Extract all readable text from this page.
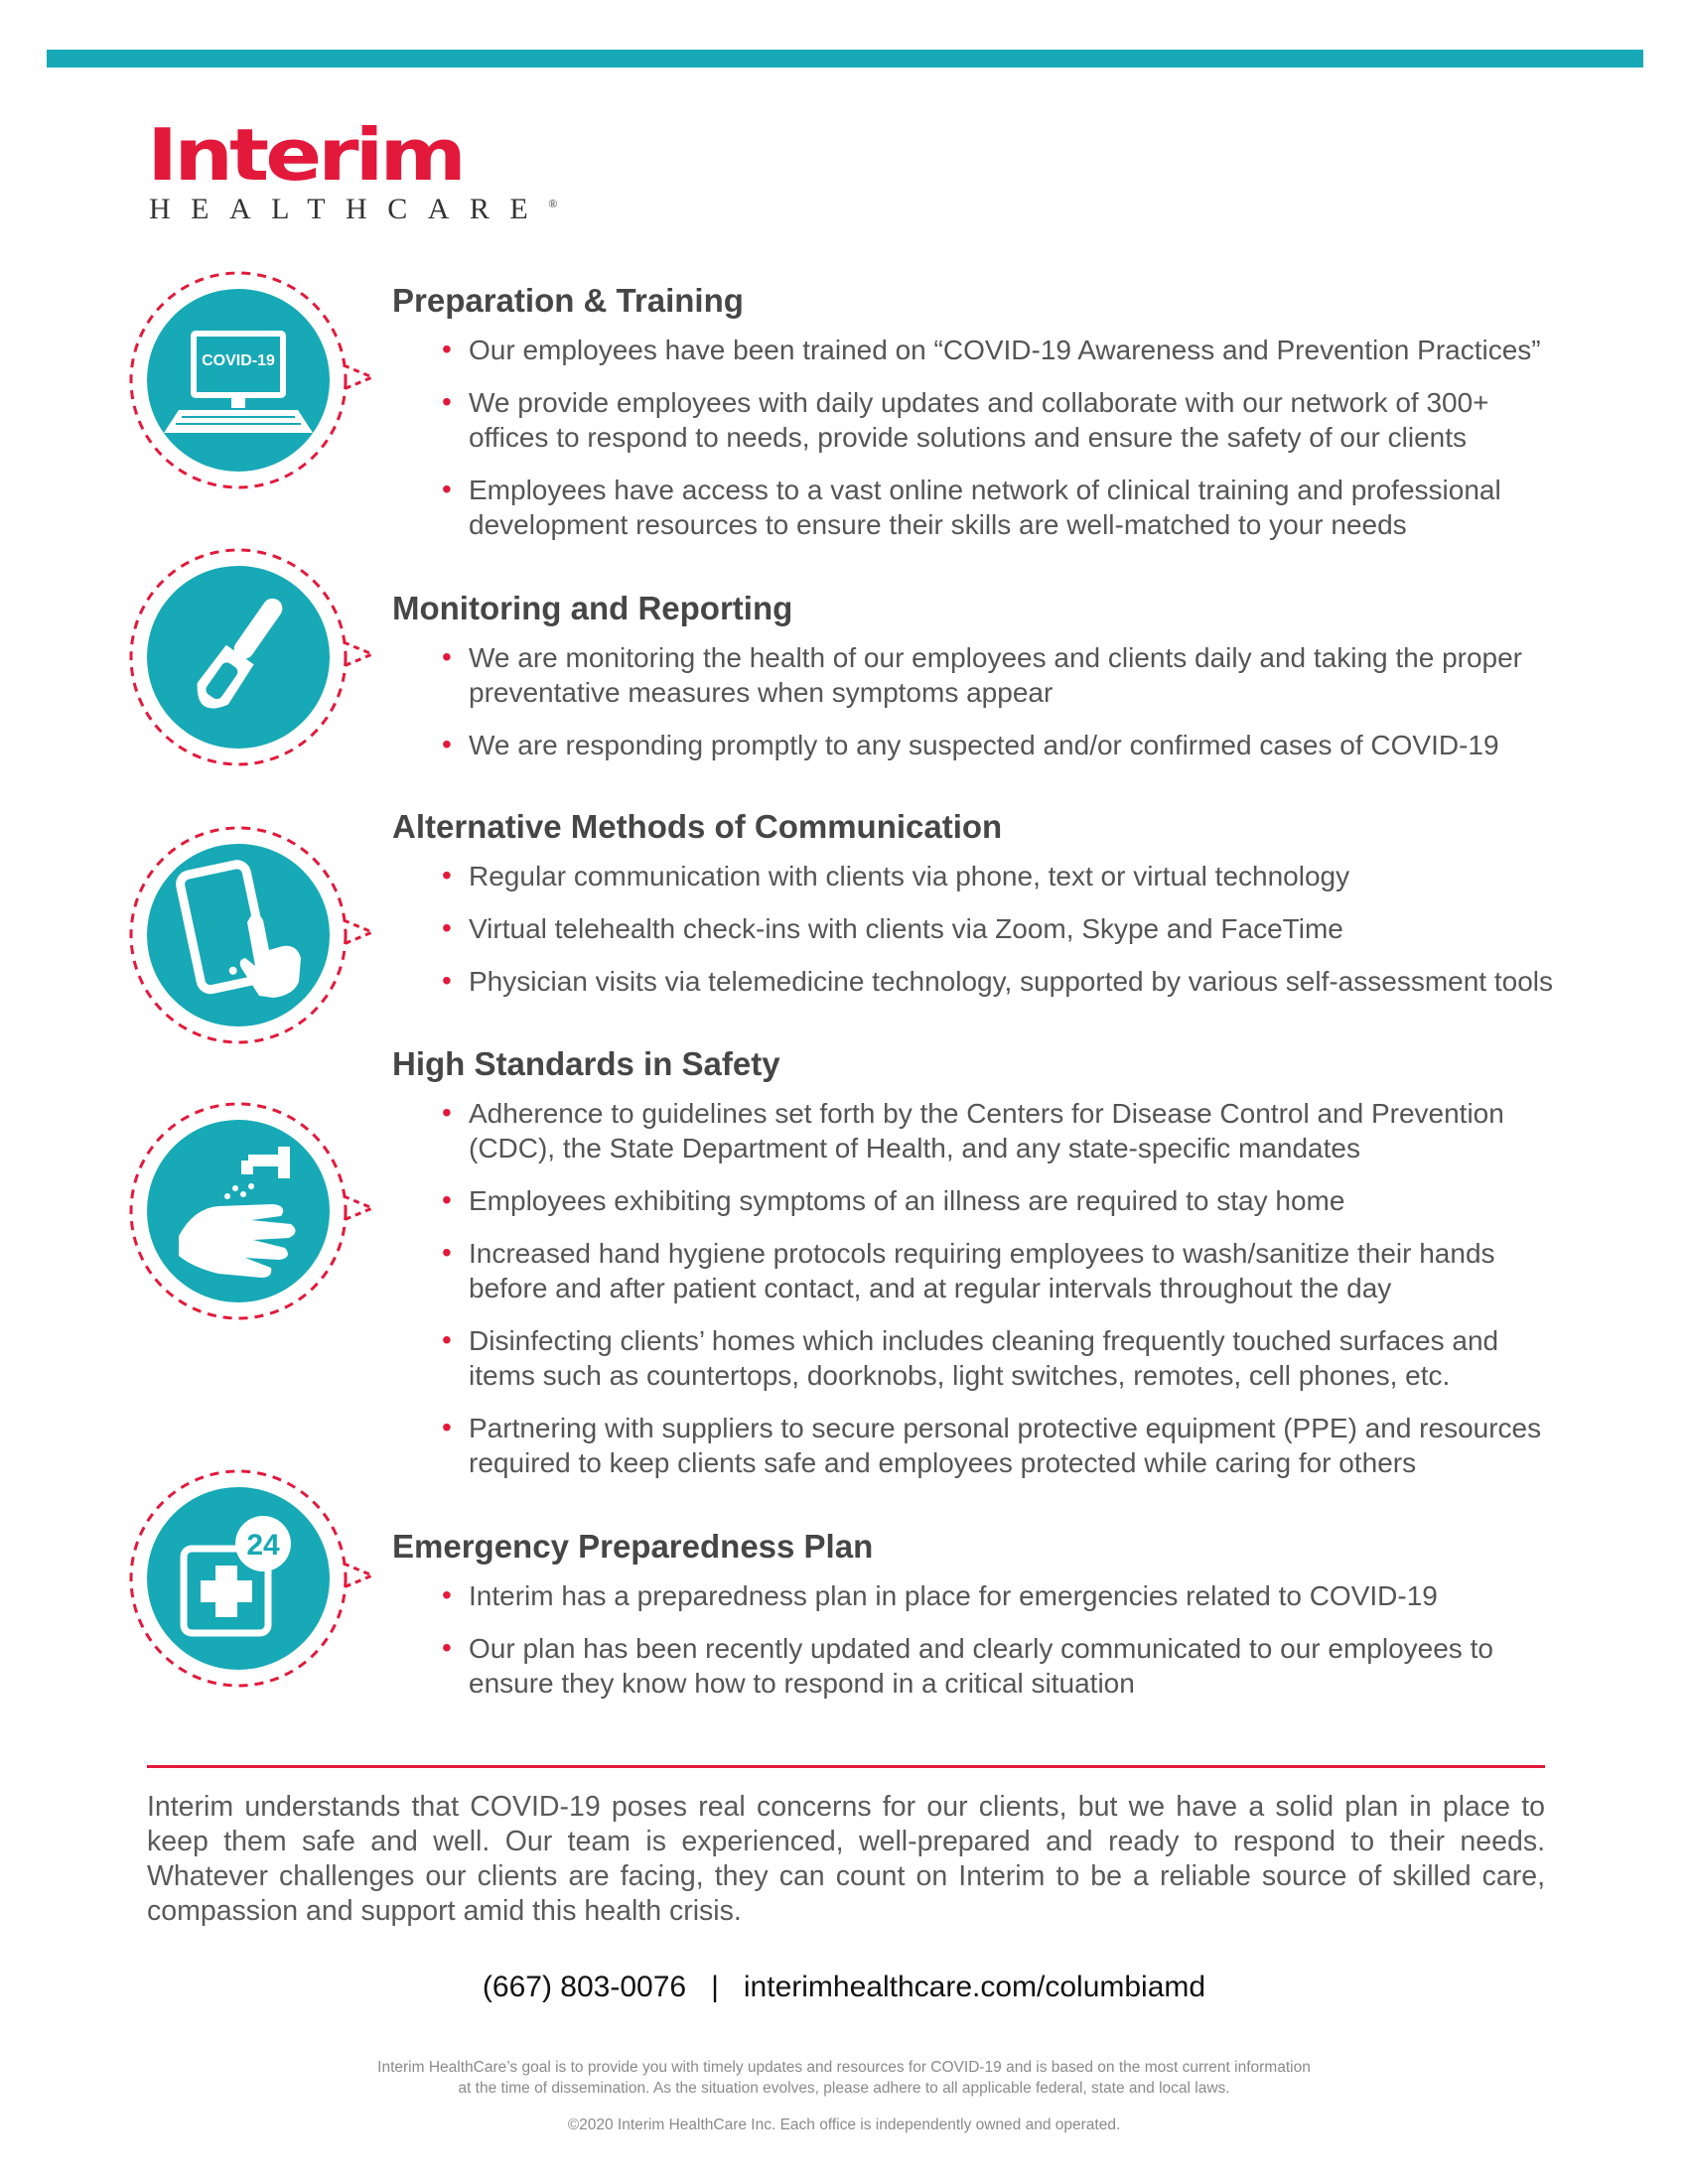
Interim
HEALTHCARE®
COVID-19
24
Preparation & Training
• Our employees have been trained on “COVID-19 Awareness and Prevention Practices”
• We provide employees with daily updates and collaborate with our network of 300+ offices to respond to needs, provide solutions and ensure the safety of our clients
• Employees have access to a vast online network of clinical training and professional development resources to ensure their skills are well-matched to your needs
Monitoring and Reporting
• We are monitoring the health of our employees and clients daily and taking the proper preventative measures when symptoms appear
• We are responding promptly to any suspected and/or confirmed cases of COVID-19
Alternative Methods of Communication
• Regular communication with clients via phone, text or virtual technology
• Virtual telehealth check-ins with clients via Zoom, Skype and FaceTime
• Physician visits via telemedicine technology, supported by various self-assessment tools
High Standards in Safety
• Adherence to guidelines set forth by the Centers for Disease Control and Prevention (CDC), the State Department of Health, and any state-specific mandates
• Employees exhibiting symptoms of an illness are required to stay home
• Increased hand hygiene protocols requiring employees to wash/sanitize their hands before and after patient contact, and at regular intervals throughout the day
• Disinfecting clients’ homes which includes cleaning frequently touched surfaces and items such as countertops, doorknobs, light switches, remotes, cell phones, etc.
• Partnering with suppliers to secure personal protective equipment (PPE) and resources required to keep clients safe and employees protected while caring for others
Emergency Preparedness Plan
• Interim has a preparedness plan in place for emergencies related to COVID-19
• Our plan has been recently updated and clearly communicated to our employees to ensure they know how to respond in a critical situation

Interim understands that COVID-19 poses real concerns for our clients, but we have a solid plan in place to keep them safe and well. Our team is experienced, well-prepared and ready to respond to their needs. Whatever challenges our clients are facing, they can count on Interim to be a reliable source of skilled care, compassion and support amid this health crisis.

(667) 803-0076 | interimhealthcare.com/columbiamd
Interim HealthCare’s goal is to provide you with timely updates and resources for COVID-19 and is based on the most current information
at the time of dissemination. As the situation evolves, please adhere to all applicable federal, state and local laws.
©2020 Interim HealthCare Inc. Each office is independently owned and operated.
